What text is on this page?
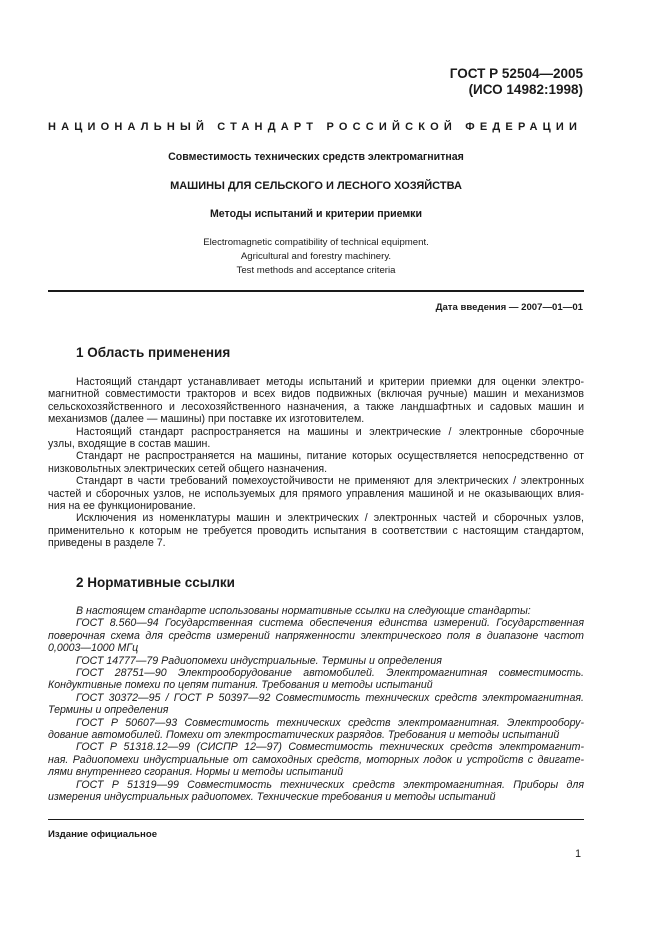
ГОСТ Р 52504—2005
(ИСО 14982:1998)
НАЦИОНАЛЬНЫЙ СТАНДАРТ РОССИЙСКОЙ ФЕДЕРАЦИИ
Совместимость технических средств электромагнитная
МАШИНЫ ДЛЯ СЕЛЬСКОГО И ЛЕСНОГО ХОЗЯЙСТВА
Методы испытаний и критерии приемки
Electromagnetic compatibility of technical equipment.
Agricultural and forestry machinery.
Test methods and acceptance criteria
Дата введения — 2007—01—01
1 Область применения
Настоящий стандарт устанавливает методы испытаний и критерии приемки для оценки электро-
магнитной совместимости тракторов и всех видов подвижных (включая ручные) машин и механизмов
сельскохозяйственного и лесохозяйственного назначения, а также ландшафтных и садовых машин и
механизмов (далее — машины) при поставке их изготовителем.
Настоящий стандарт распространяется на машины и электрические / электронные сборочные
узлы, входящие в состав машин.
Стандарт не распространяется на машины, питание которых осуществляется непосредственно от
низковольтных электрических сетей общего назначения.
Стандарт в части требований помехоустойчивости не применяют для электрических / электронных
частей и сборочных узлов, не используемых для прямого управления машиной и не оказывающих влия-
ния на ее функционирование.
Исключения из номенклатуры машин и электрических / электронных частей и сборочных узлов,
применительно к которым не требуется проводить испытания в соответствии с настоящим стандартом,
приведены в разделе 7.
2 Нормативные ссылки
В настоящем стандарте использованы нормативные ссылки на следующие стандарты:
ГОСТ 8.560—94 Государственная система обеспечения единства измерений. Государственная
поверочная схема для средств измерений напряженности электрического поля в диапазоне частот
0,0003—1000 МГц
ГОСТ 14777—79 Радиопомехи индустриальные. Термины и определения
ГОСТ 28751—90 Электрооборудование автомобилей. Электромагнитная совместимость.
Кондуктивные помехи по цепям питания. Требования и методы испытаний
ГОСТ 30372—95 / ГОСТ Р 50397—92 Совместимость технических средств электромагнитная.
Термины и определения
ГОСТ Р 50607—93 Совместимость технических средств электромагнитная. Электрообору-
дование автомобилей. Помехи от электростатических разрядов. Требования и методы испытаний
ГОСТ Р 51318.12—99 (СИСПР 12—97) Совместимость технических средств электромагнит-
ная. Радиопомехи индустриальные от самоходных средств, моторных лодок и устройств с двигате-
лями внутреннего сгорания. Нормы и методы испытаний
ГОСТ Р 51319—99 Совместимость технических средств электромагнитная. Приборы для
измерения индустриальных радиопомех. Технические требования и методы испытаний
Издание официальное
1
